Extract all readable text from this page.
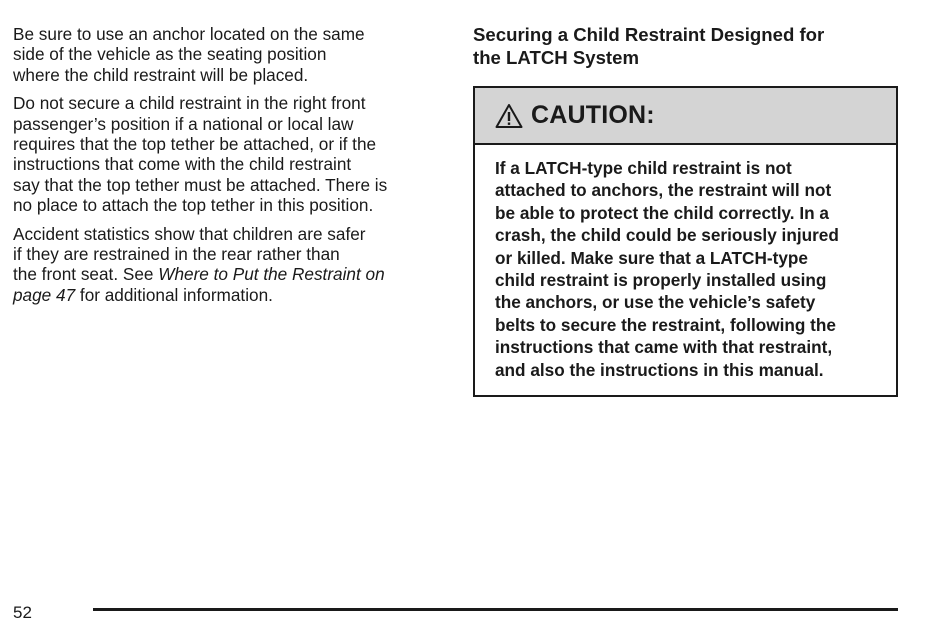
Be sure to use an anchor located on the same
side of the vehicle as the seating position
where the child restraint will be placed.

Do not secure a child restraint in the right front
passenger’s position if a national or local law
requires that the top tether be attached, or if the
instructions that come with the child restraint
say that the top tether must be attached. There is
no place to attach the top tether in this position.

Accident statistics show that children are safer
if they are restrained in the rear rather than
the front seat. See Where to Put the Restraint on
page 47 for additional information.

Securing a Child Restraint Designed for
the LATCH System
CAUTION:
If a LATCH-type child restraint is not
attached to anchors, the restraint will not
be able to protect the child correctly. In a
crash, the child could be seriously injured
or killed. Make sure that a LATCH-type
child restraint is properly installed using
the anchors, or use the vehicle’s safety
belts to secure the restraint, following the
instructions that came with that restraint,
and also the instructions in this manual.
52
